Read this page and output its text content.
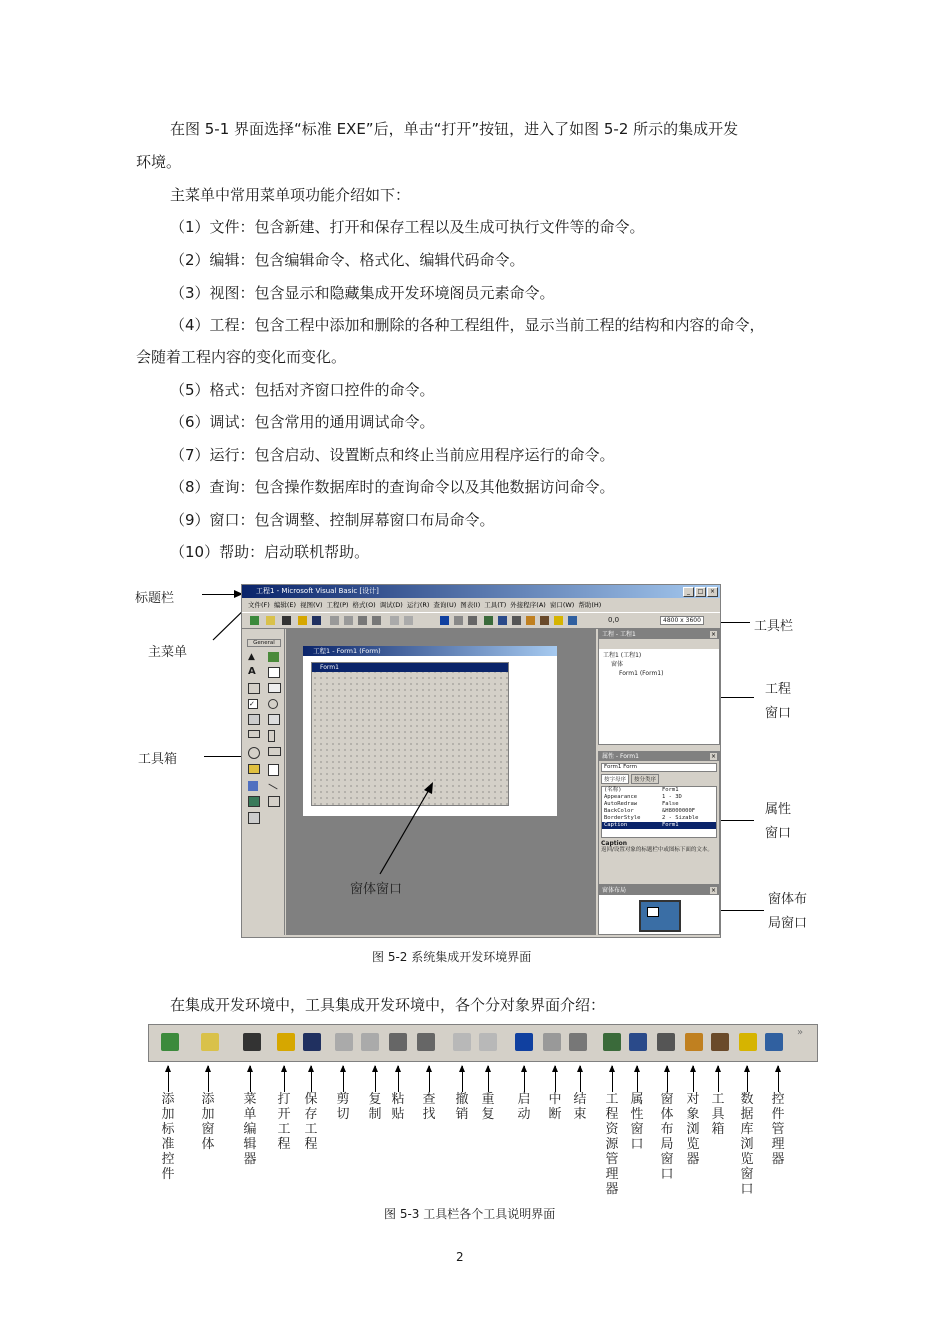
在图 5-1 界面选择“标准 EXE”后，单击“打开”按钮，进入了如图 5-2 所示的集成开发
环境。
主菜单中常用菜单项功能介绍如下：
（1）文件：包含新建、打开和保存工程以及生成可执行文件等的命令。
（2）编辑：包含编辑命令、格式化、编辑代码命令。
（3）视图：包含显示和隐藏集成开发环境阁员元素命令。
（4）工程：包含工程中添加和删除的各种工程组件，显示当前工程的结构和内容的命令，
会随着工程内容的变化而变化。
（5）格式：包括对齐窗口控件的命令。
（6）调试：包含常用的通用调试命令。
（7）运行：包含启动、设置断点和终止当前应用程序运行的命令。
（8）查询：包含操作数据库时的查询命令以及其他数据访问命令。
（9）窗口：包含调整、控制屏幕窗口布局命令。
（10）帮助：启动联机帮助。
标题栏
主菜单
工具箱
工具栏
工程窗口
属性窗口
窗体布局窗口
工程1 - Microsoft Visual Basic [设计]	_	□	×
文件(F) 编辑(E) 视图(V) 工程(P) 格式(O) 调试(D) 运行(R) 查询(U) 图表(I) 工具(T) 外接程序(A) 窗口(W) 帮助(H)
0,0	4800 x 3600
General
▲
A
✓
工程1 - Form1 (Form)
Form1
工程 - 工程1	×
工程1 (工程1)
窗体
Form1 (Form1)
属性 - Form1	×
Form1 Form
按字母序	按分类序
(名称)	Form1
Appearance	1 - 3D
AutoRedraw	False
BackColor	&H8000000F
BorderStyle	2 - Sizable
Caption	Form1
Caption
返回/设置对象的标题栏中或图标下面的文本。
窗体布局	×
窗体窗口
图 5-2 系统集成开发环境界面
在集成开发环境中，工具集成开发环境中，各个分对象界面介绍：
»
添加标准控件
添加窗体
菜单编辑器
打开工程
保存工程
剪切
复制
粘贴
查找
撤销
重复
启动
中断
结束
工程资源管理器
属性窗口
窗体布局窗口
对象浏览器
工具箱
数据库浏览窗口
控件管理器
图 5-3 工具栏各个工具说明界面
2
